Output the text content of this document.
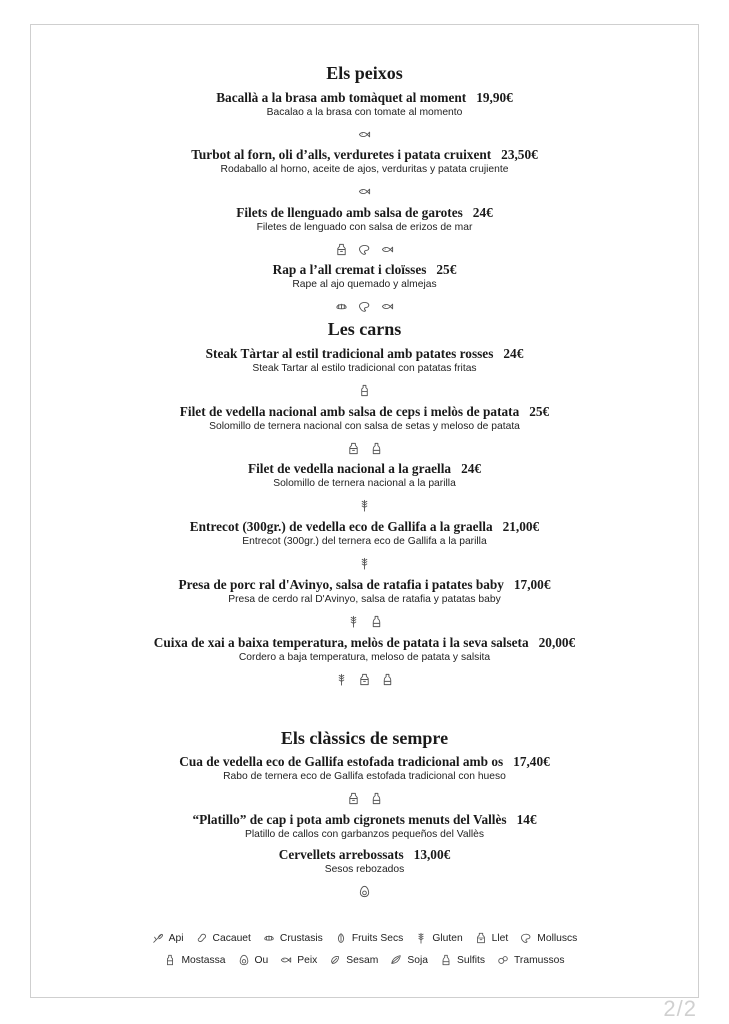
Els peixos
Bacallà a la brasa amb tomàquet al moment 19,90€
Bacalao a la brasa con tomate al momento
Turbot al forn, oli d’alls, verduretes i patata cruixent 23,50€
Rodaballo al horno, aceite de ajos, verduritas y patata crujiente
Filets de llenguado amb salsa de garotes 24€
Filetes de lenguado con salsa de erizos de mar
Rap a l’all cremat i cloïsses 25€
Rape al ajo quemado y almejas
Les carns
Steak Tàrtar al estil tradicional amb patates rosses 24€
Steak Tartar al estilo tradicional con patatas fritas
Filet de vedella nacional amb salsa de ceps i melòs de patata 25€
Solomillo de ternera nacional con salsa de setas y meloso de patata
Filet de vedella nacional a la graella 24€
Solomillo de ternera nacional a la parilla
Entrecot (300gr.) de vedella eco de Gallifa a la graella 21,00€
Entrecot (300gr.) del ternera eco de Gallifa a la parilla
Presa de porc ral d'Avinyo, salsa de ratafia i patates baby 17,00€
Presa de cerdo ral D'Avinyo, salsa de ratafia y patatas baby
Cuixa de xai a baixa temperatura, melòs de patata i la seva salseta 20,00€
Cordero a baja temperatura, meloso de patata y salsita
Els clàssics de sempre
Cua de vedella eco de Gallifa estofada tradicional amb os 17,40€
Rabo de ternera eco de Gallifa estofada tradicional con hueso
“Platillo” de cap i pota amb cigronets menuts del Vallès 14€
Platillo de callos con garbanzos pequeños del Vallès
Cervellets arrebossats 13,00€
Sesos rebozados
Api	Cacauet	Crustasis	Fruits Secs	Gluten	Llet	Molluscs
Mostassa	Ou	Peix	Sesam	Soja	Sulfits	Tramussos
2/2
